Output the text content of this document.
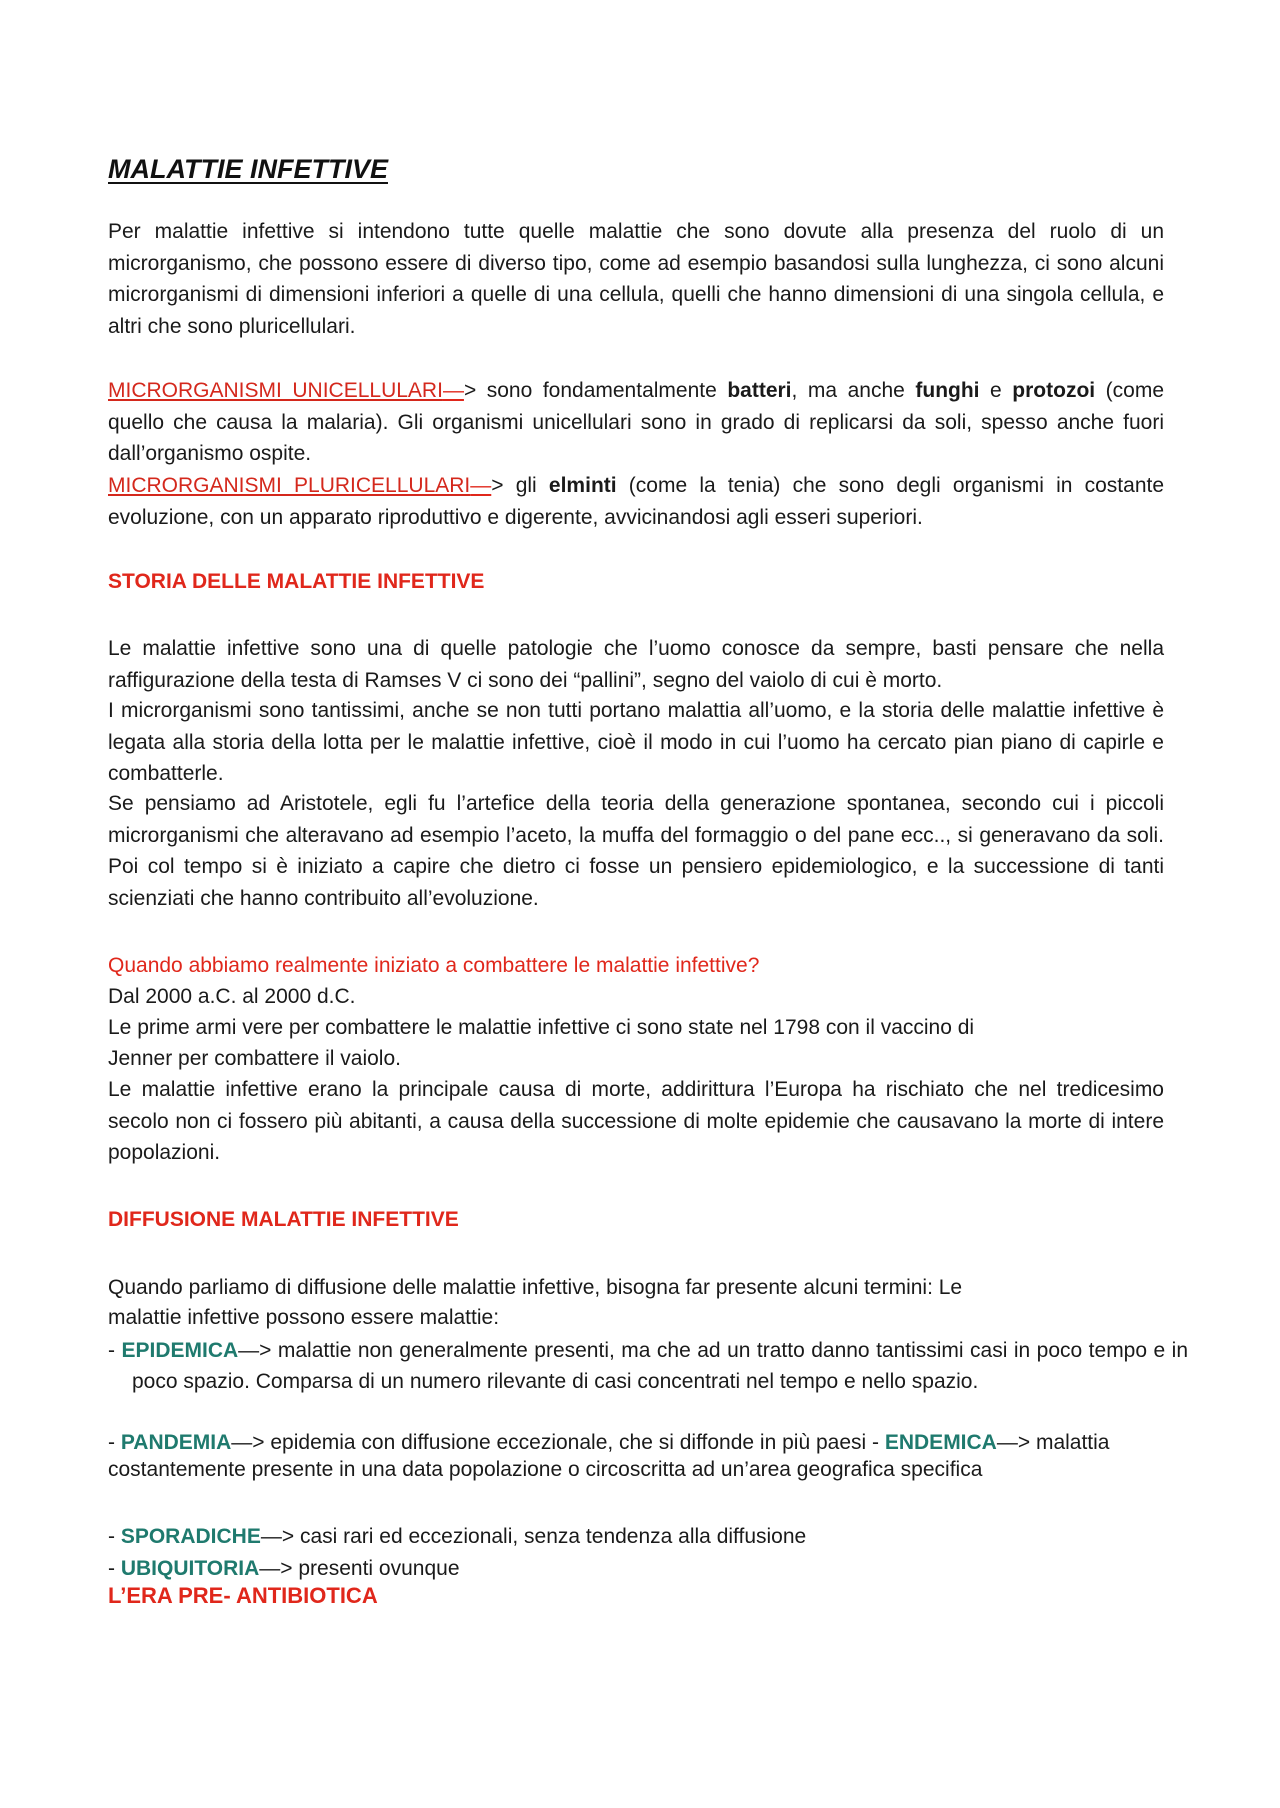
MALATTIE INFETTIVE

Per malattie infettive si intendono tutte quelle malattie che sono dovute alla presenza del ruolo di un microrganismo, che possono essere di diverso tipo, come ad esempio basandosi sulla lunghezza, ci sono alcuni microrganismi di dimensioni inferiori a quelle di una cellula, quelli che hanno dimensioni di una singola cellula, e altri che sono pluricellulari.

MICRORGANISMI UNICELLULARI—> sono fondamentalmente batteri, ma anche funghi e protozoi (come quello che causa la malaria). Gli organismi unicellulari sono in grado di replicarsi da soli, spesso anche fuori dall’organismo ospite.

MICRORGANISMI PLURICELLULARI—> gli elminti (come la tenia) che sono degli organismi in costante evoluzione, con un apparato riproduttivo e digerente, avvicinandosi agli esseri superiori.

STORIA DELLE MALATTIE INFETTIVE

Le malattie infettive sono una di quelle patologie che l’uomo conosce da sempre, basti pensare che nella raffigurazione della testa di Ramses V ci sono dei “pallini”, segno del vaiolo di cui è morto.

I microrganismi sono tantissimi, anche se non tutti portano malattia all’uomo, e la storia delle malattie infettive è legata alla storia della lotta per le malattie infettive, cioè il modo in cui l’uomo ha cercato pian piano di capirle e combatterle.

Se pensiamo ad Aristotele, egli fu l’artefice della teoria della generazione spontanea, secondo cui i piccoli microrganismi che alteravano ad esempio l’aceto, la muffa del formaggio o del pane ecc.., si generavano da soli. Poi col tempo si è iniziato a capire che dietro ci fosse un pensiero epidemiologico, e la successione di tanti scienziati che hanno contribuito all’evoluzione.

Quando abbiamo realmente iniziato a combattere le malattie infettive?

Dal 2000 a.C. al 2000 d.C.

Le prime armi vere per combattere le malattie infettive ci sono state nel 1798 con il vaccino di

Jenner per combattere il vaiolo.

Le malattie infettive erano la principale causa di morte, addirittura l’Europa ha rischiato che nel tredicesimo secolo non ci fossero più abitanti, a causa della successione di molte epidemie che causavano la morte di intere popolazioni.

DIFFUSIONE MALATTIE INFETTIVE

Quando parliamo di diffusione delle malattie infettive, bisogna far presente alcuni termini: Le

malattie infettive possono essere malattie:

- EPIDEMICA—> malattie non generalmente presenti, ma che ad un tratto danno tantissimi casi in poco tempo e in poco spazio. Comparsa di un numero rilevante di casi concentrati nel tempo e nello spazio.

- PANDEMIA—> epidemia con diffusione eccezionale, che si diffonde in più paesi - ENDEMICA—> malattia costantemente presente in una data popolazione o circoscritta ad un’area geografica specifica

- SPORADICHE—> casi rari ed eccezionali, senza tendenza alla diffusione

- UBIQUITORIA—> presenti ovunque

L’ERA PRE- ANTIBIOTICA
